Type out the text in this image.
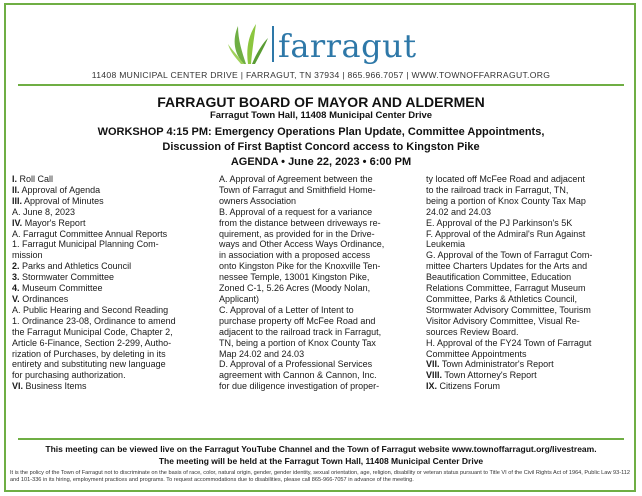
farragut
11408 MUNICIPAL CENTER DRIVE | FARRAGUT, TN 37934 | 865.966.7057 | WWW.TOWNOFFARRAGUT.ORG
FARRAGUT BOARD OF MAYOR AND ALDERMEN
Farragut Town Hall, 11408 Municipal Center Drive
WORKSHOP 4:15 PM: Emergency Operations Plan Update, Committee Appointments,
Discussion of First Baptist Concord access to Kingston Pike
AGENDA • June 22, 2023 • 6:00 PM
I. Roll Call
II. Approval of Agenda
III. Approval of Minutes
A. June 8, 2023
IV. Mayor's Report
A. Farragut Committee Annual Reports
1. Farragut Municipal Planning Com-
mission
2. Parks and Athletics Council
3. Stormwater Committee
4. Museum Committee
V. Ordinances
A. Public Hearing and Second Reading
1. Ordinance 23-08, Ordinance to amend
the Farragut Municipal Code, Chapter 2,
Article 6-Finance, Section 2-299, Autho-
rization of Purchases, by deleting in its
entirety and substituting new language
for purchasing authorization.
VI. Business Items
A. Approval of Agreement between the
Town of Farragut and Smithfield Home-
owners Association
B. Approval of a request for a variance
from the distance between driveways re-
quirement, as provided for in the Drive-
ways and Other Access Ways Ordinance,
in association with a proposed access
onto Kingston Pike for the Knoxville Ten-
nessee Temple, 13001 Kingston Pike,
Zoned C-1, 5.26 Acres (Moody Nolan,
Applicant)
C. Approval of a Letter of Intent to
purchase property off McFee Road and
adjacent to the railroad track in Farragut,
TN, being a portion of Knox County Tax
Map 24.02 and 24.03
D. Approval of a Professional Services
agreement with Cannon & Cannon, Inc.
for due diligence investigation of proper-
ty located off McFee Road and adjacent
to the railroad track in Farragut, TN,
being a portion of Knox County Tax Map
24.02 and 24.03
E. Approval of the PJ Parkinson's 5K
F. Approval of the Admiral's Run Against
Leukemia
G. Approval of the Town of Farragut Com-
mittee Charters Updates for the Arts and
Beautification Committee, Education
Relations Committee, Farragut Museum
Committee, Parks & Athletics Council,
Stormwater Advisory Committee, Tourism
Visitor Advisory Committee, Visual Re-
sources Review Board.
H. Approval of the FY24 Town of Farragut
Committee Appointments
VII. Town Administrator's Report
VIII. Town Attorney's Report
IX. Citizens Forum
This meeting can be viewed live on the Farragut YouTube Channel and the Town of Farragut website www.townoffarragut.org/livestream.
The meeting will be held at the Farragut Town Hall, 11408 Municipal Center Drive
It is the policy of the Town of Farragut not to discriminate on the basis of race, color, natural origin, gender, gender identity, sexual orientation, age, religion, disability or veteran status pursuant to Title VI of the Civil Rights Act of 1964, Public Law 93-112 and 101-336 in its hiring, employment practices and programs. To request accommodations due to disabilities, please call 865-966-7057 in advance of the meeting.
